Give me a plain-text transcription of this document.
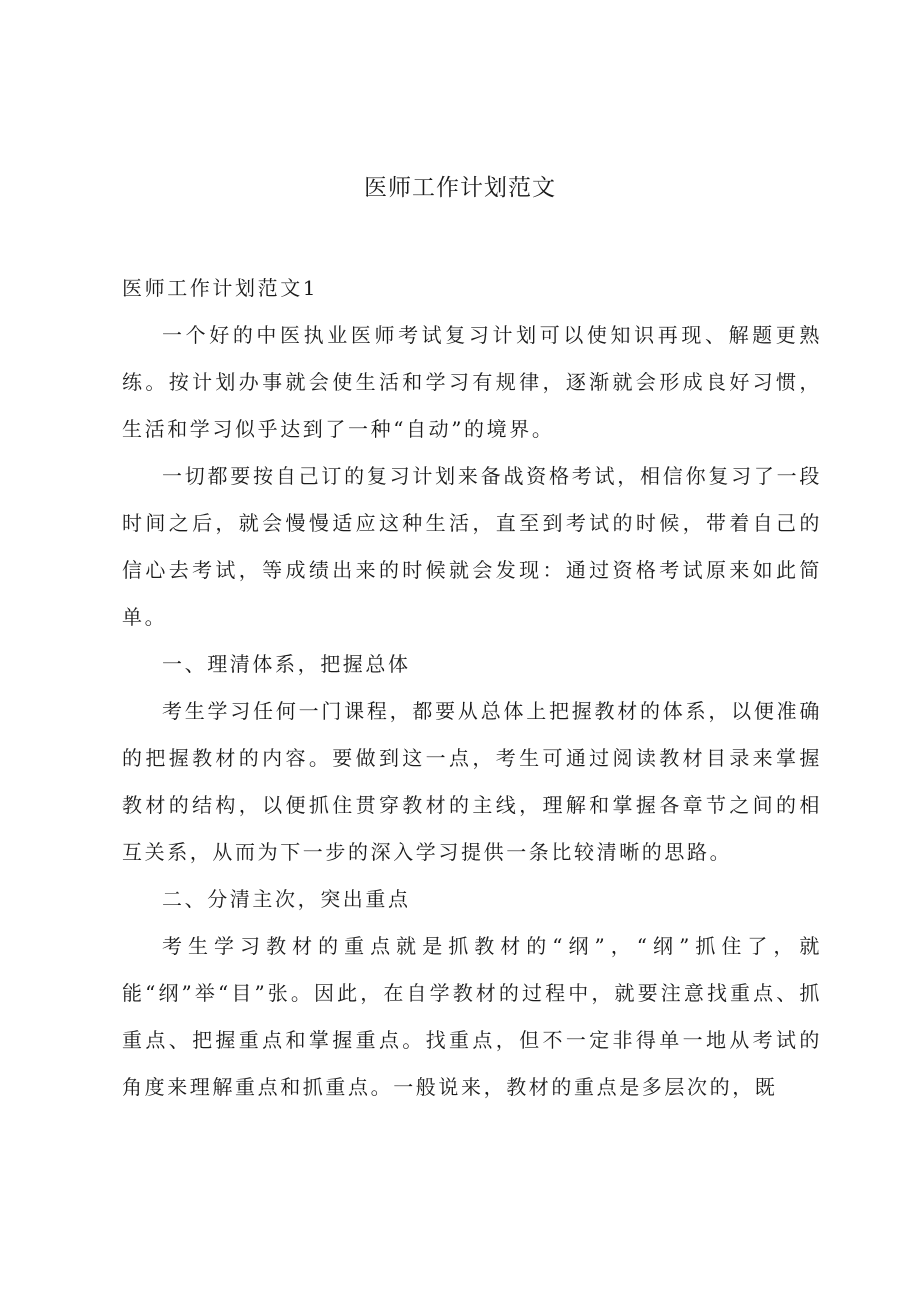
医师工作计划范文

医师工作计划范文1

一个好的中医执业医师考试复习计划可以使知识再现、解题更熟练。按计划办事就会使生活和学习有规律，逐渐就会形成良好习惯，生活和学习似乎达到了一种“自动”的境界。

一切都要按自己订的复习计划来备战资格考试，相信你复习了一段时间之后，就会慢慢适应这种生活，直至到考试的时候，带着自己的信心去考试，等成绩出来的时候就会发现：通过资格考试原来如此简单。

一、理清体系，把握总体

考生学习任何一门课程，都要从总体上把握教材的体系，以便准确的把握教材的内容。要做到这一点，考生可通过阅读教材目录来掌握教材的结构，以便抓住贯穿教材的主线，理解和掌握各章节之间的相互关系，从而为下一步的深入学习提供一条比较清晰的思路。

二、分清主次，突出重点

考生学习教材的重点就是抓教材的“纲”，“纲”抓住了，就能“纲”举“目”张。因此，在自学教材的过程中，就要注意找重点、抓重点、把握重点和掌握重点。找重点，但不一定非得单一地从考试的角度来理解重点和抓重点。一般说来，教材的重点是多层次的，既
